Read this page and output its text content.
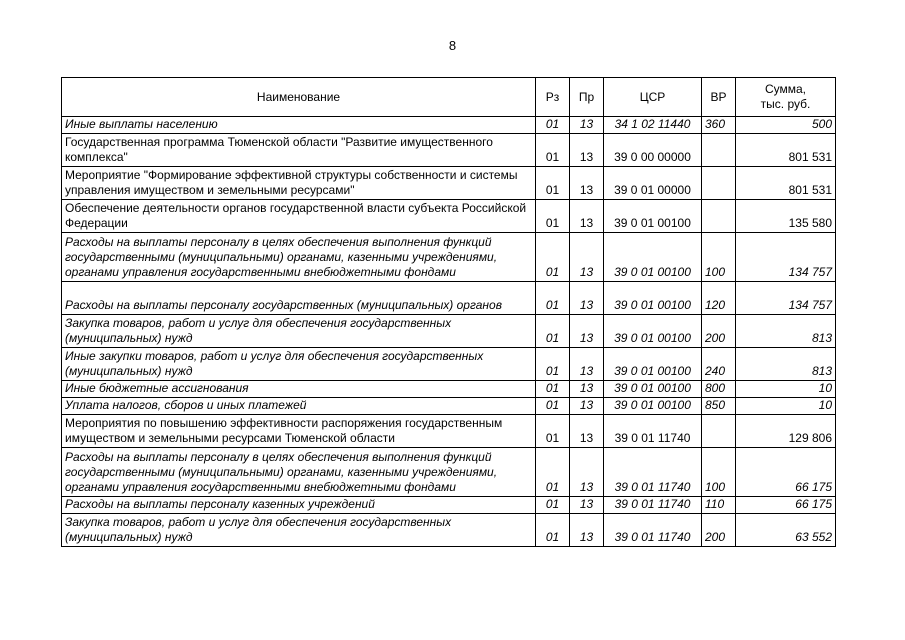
8
Наименование	Рз	Пр	ЦСР	ВР	Сумма,
тыс. руб.

Иные выплаты населению	01	13	34 1 02 11440	360	500
Государственная программа Тюменской области "Развитие имущественного комплекса"	01	13	39 0 00 00000		801 531
Мероприятие "Формирование эффективной структуры собственности и системы управления имуществом и земельными ресурсами"	01	13	39 0 01 00000		801 531
Обеспечение деятельности органов государственной власти субъекта Российской Федерации	01	13	39 0 01 00100		135 580
Расходы на выплаты персоналу в целях обеспечения выполнения функций государственными (муниципальными) органами, казенными учреждениями, органами управления государственными внебюджетными фондами	01	13	39 0 01 00100	100	134 757
Расходы на выплаты персоналу государственных (муниципальных) органов	01	13	39 0 01 00100	120	134 757
Закупка товаров, работ и услуг для обеспечения государственных (муниципальных) нужд	01	13	39 0 01 00100	200	813
Иные закупки товаров, работ и услуг для обеспечения государственных (муниципальных) нужд	01	13	39 0 01 00100	240	813
Иные бюджетные ассигнования	01	13	39 0 01 00100	800	10
Уплата налогов, сборов и иных платежей	01	13	39 0 01 00100	850	10
Мероприятия по повышению эффективности распоряжения государственным имуществом и земельными ресурсами Тюменской области	01	13	39 0 01 11740		129 806
Расходы на выплаты персоналу в целях обеспечения выполнения функций государственными (муниципальными) органами, казенными учреждениями, органами управления государственными внебюджетными фондами	01	13	39 0 01 11740	100	66 175
Расходы на выплаты персоналу казенных учреждений	01	13	39 0 01 11740	110	66 175
Закупка товаров, работ и услуг для обеспечения государственных (муниципальных) нужд	01	13	39 0 01 11740	200	63 552
